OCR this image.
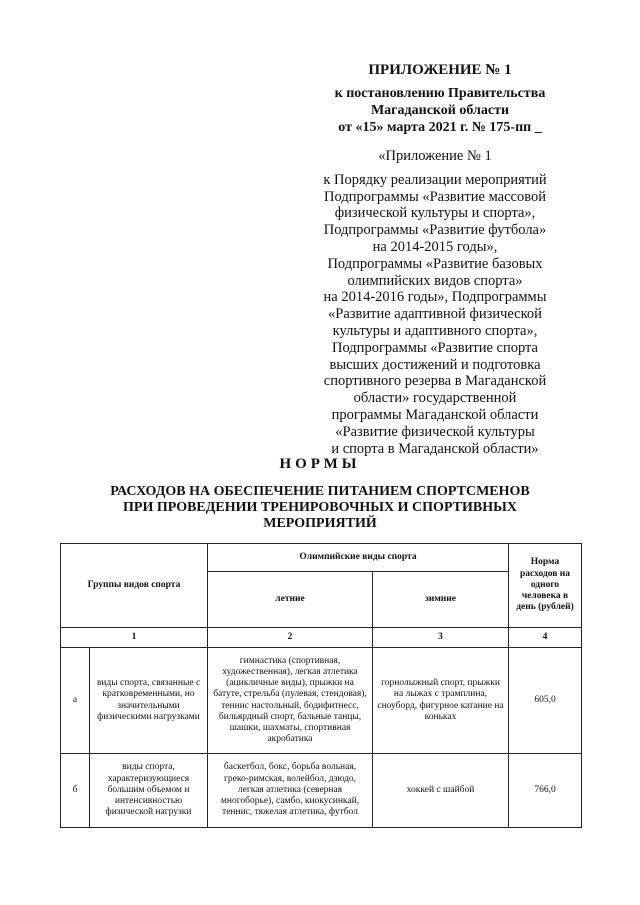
ПРИЛОЖЕНИЕ № 1
к постановлению Правительства
Магаданской области
от «15» марта 2021 г. № 175-пп _
«Приложение № 1
к Порядку реализации мероприятий
Подпрограммы «Развитие массовой
физической культуры и спорта»,
Подпрограммы «Развитие футбола»
на 2014-2015 годы»,
Подпрограммы «Развитие базовых
олимпийских видов спорта»
на 2014-2016 годы», Подпрограммы
«Развитие адаптивной физической
культуры и адаптивного спорта»,
Подпрограммы «Развитие спорта
высших достижений и подготовка
спортивного резерва в Магаданской
области» государственной
программы Магаданской области
«Развитие физической культуры
и спорта в Магаданской области»
НОРМЫ
РАСХОДОВ НА ОБЕСПЕЧЕНИЕ ПИТАНИЕМ СПОРТСМЕНОВ
ПРИ ПРОВЕДЕНИИ ТРЕНИРОВОЧНЫХ И СПОРТИВНЫХ
МЕРОПРИЯТИЙ
Группы видов спорта		Олимпийские виды спорта		Норма расходов на одного человека в день (рублей)
		летние	зимние	
1		2	3	4
а	виды спорта, связанные с кратковременными, но значительными физическими нагрузками	гимнастика (спортивная, художественная), легкая атлетика (ацикличные виды), прыжки на батуте, стрельба (пулевая, стендовая), теннис настольный, бодифитнесс, бильярдный спорт, бальные танцы, шашки, шахматы, спортивная акробатика	горнолыжный спорт, прыжки на лыжах с трамплина, сноуборд, фигурное катание на коньках	605,0
б	виды спорта, характеризующиеся большим объемом и интенсивностью физической нагрузки	баскетбол, бокс, борьба вольная, греко-римская, волейбол, дзюдо, легкая атлетика (северная многоборье), самбо, киокусинкай, теннис, тяжелая атлетика, футбол	хоккей с шайбой	766,0
